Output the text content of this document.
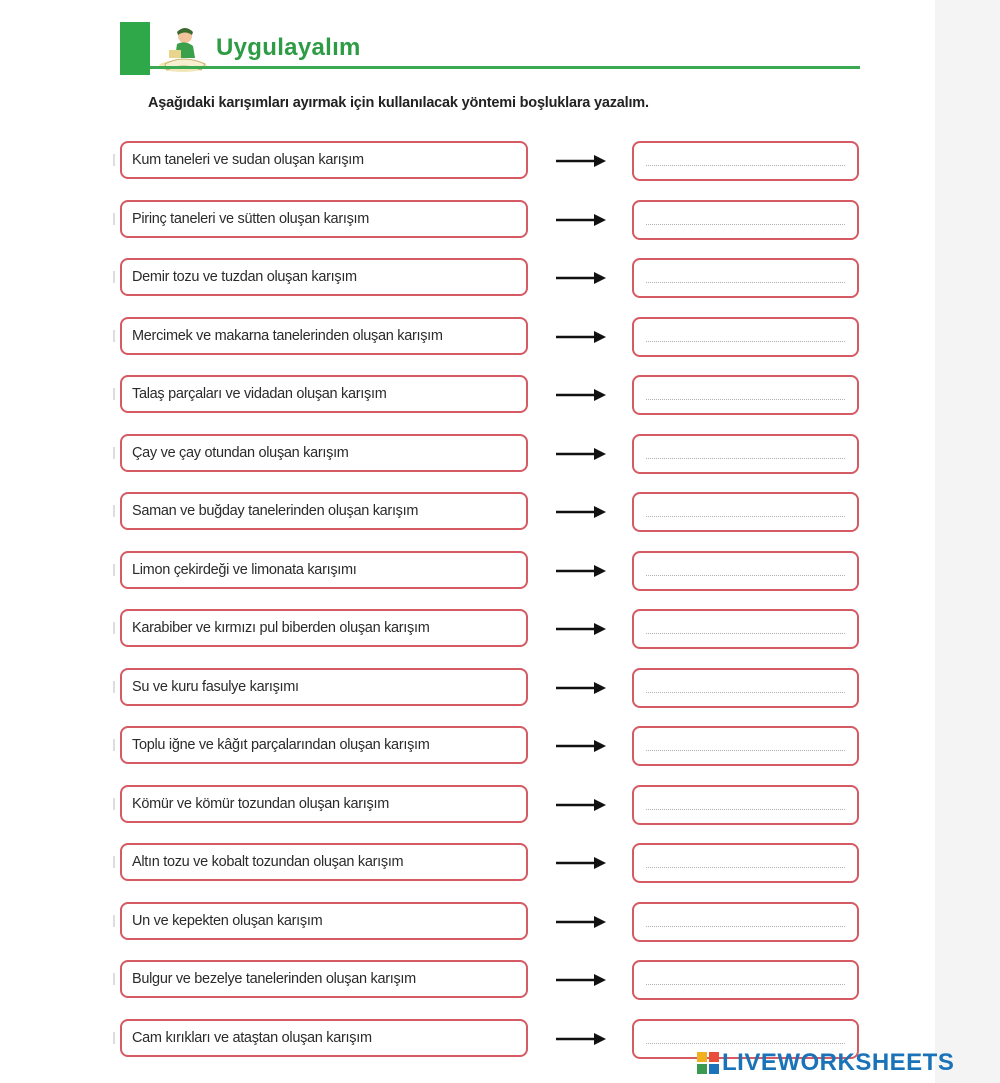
Uygulayalım
Aşağıdaki karışımları ayırmak için kullanılacak yöntemi boşluklara yazalım.
Kum taneleri ve sudan oluşan karışım
Pirinç taneleri ve sütten oluşan karışım
Demir tozu ve tuzdan oluşan karışım
Mercimek ve makarna tanelerinden oluşan karışım
Talaş parçaları ve vidadan oluşan karışım
Çay ve çay otundan oluşan karışım
Saman ve buğday tanelerinden oluşan karışım
Limon çekirdeği ve limonata karışımı
Karabiber ve kırmızı pul biberden oluşan karışım
Su ve kuru fasulye karışımı
Toplu iğne ve kâğıt parçalarından oluşan karışım
Kömür ve kömür tozundan oluşan karışım
Altın tozu ve kobalt tozundan oluşan karışım
Un ve kepekten oluşan karışım
Bulgur ve bezelye tanelerinden oluşan karışım
Cam kırıkları ve ataştan oluşan karışım
LIVEWORKSHEETS
